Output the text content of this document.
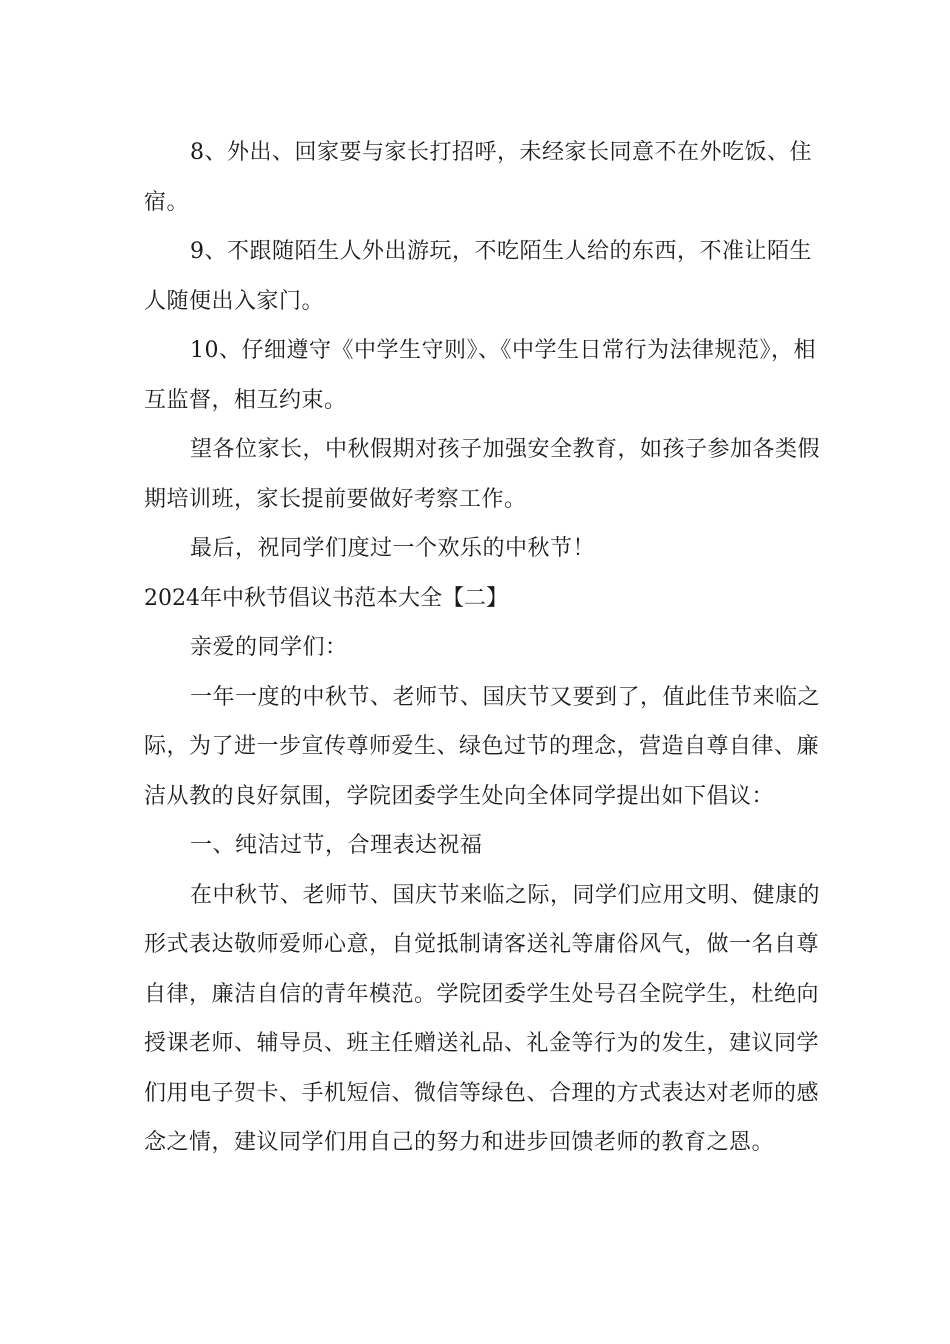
8、外出、回家要与家长打招呼，未经家长同意不在外吃饭、住宿。

9、不跟随陌生人外出游玩，不吃陌生人给的东西，不准让陌生人随便出入家门。

10、仔细遵守《中学生守则》、《中学生日常行为法律规范》，相互监督，相互约束。

望各位家长，中秋假期对孩子加强安全教育，如孩子参加各类假期培训班，家长提前要做好考察工作。

最后，祝同学们度过一个欢乐的中秋节！

2024年中秋节倡议书范本大全【二】

亲爱的同学们：

一年一度的中秋节、老师节、国庆节又要到了，值此佳节来临之际，为了进一步宣传尊师爱生、绿色过节的理念，营造自尊自律、廉洁从教的良好氛围，学院团委学生处向全体同学提出如下倡议：

一、纯洁过节，合理表达祝福

在中秋节、老师节、国庆节来临之际，同学们应用文明、健康的形式表达敬师爱师心意，自觉抵制请客送礼等庸俗风气，做一名自尊自律，廉洁自信的青年模范。学院团委学生处号召全院学生，杜绝向授课老师、辅导员、班主任赠送礼品、礼金等行为的发生，建议同学们用电子贺卡、手机短信、微信等绿色、合理的方式表达对老师的感念之情，建议同学们用自己的努力和进步回馈老师的教育之恩。
